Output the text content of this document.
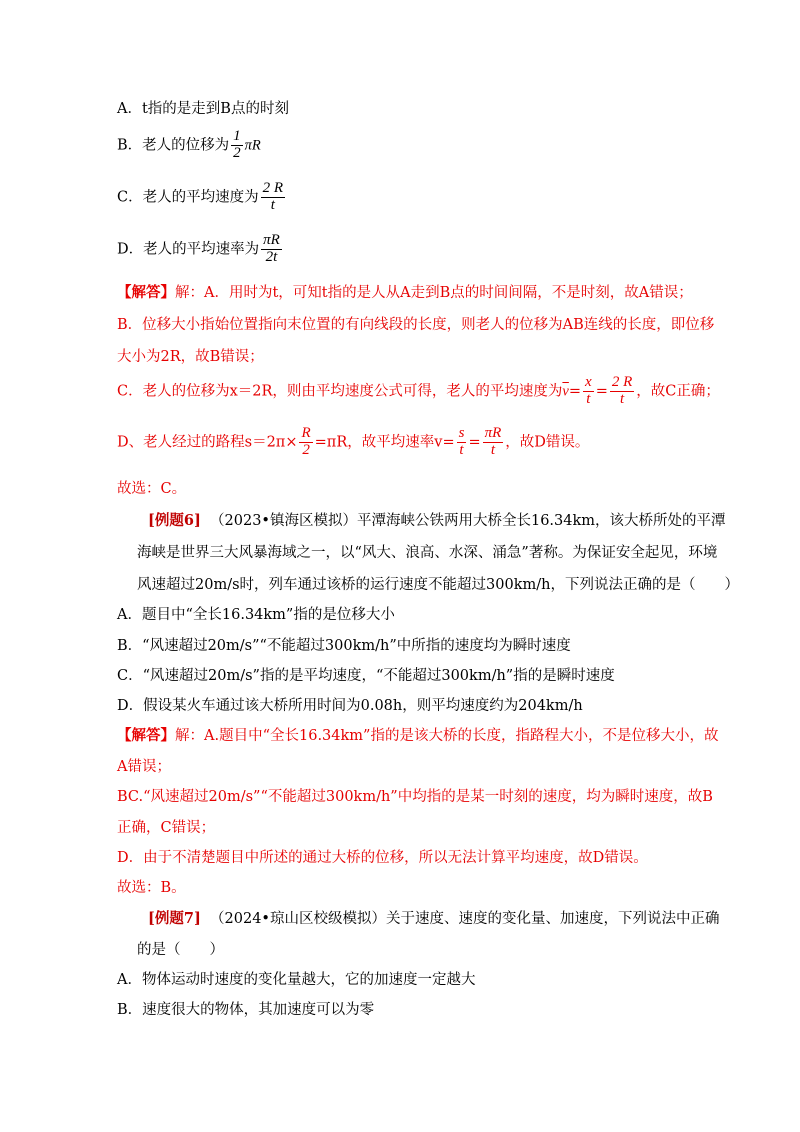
A．t指的是走到B点的时刻
B．老人的位移为 $\frac{1}{2}$ πR
C．老人的平均速度为 $\frac{2 R}{t}$
D．老人的平均速率为 $\frac{\pi R}{2t}$
【解答】解：A．用时为t，可知t指的是人从A走到B点的时间间隔，不是时刻，故A错误；
B．位移大小指始位置指向末位置的有向线段的长度，则老人的位移为AB连线的长度，即位移
大小为2R，故B错误；
C．老人的位移为x＝2R，则由平均速度公式可得，老人的平均速度为$\overline{v}= \frac{x}{t} = \frac{2 R}{t}$ ，故C正确；
D、老人经过的路程$s=2\pi\times \frac{R}{2} =\pi R$，故平均速率$v= \frac{s}{t} = \frac{\pi R}{t}$ ，故D错误。
故选：C。
[例题6] （2023•镇海区模拟）平潭海峡公铁两用大桥全长16.34km，该大桥所处的平潭
海峡是世界三大风暴海域之一，以“风大、浪高、水深、涌急”著称。为保证安全起见，环境
风速超过20m/s时，列车通过该桥的运行速度不能超过300km/h，下列说法正确的是（　　）
A．题目中“全长16.34km”指的是位移大小
B．“风速超过20m/s”“不能超过300km/h”中所指的速度均为瞬时速度
C．“风速超过20m/s”指的是平均速度，“不能超过300km/h”指的是瞬时速度
D．假设某火车通过该大桥所用时间为0.08h，则平均速度约为204km/h
【解答】解：A.题目中“全长16.34km”指的是该大桥的长度，指路程大小，不是位移大小，故
A错误；
BC.“风速超过20m/s”“不能超过300km/h”中均指的是某一时刻的速度，均为瞬时速度，故B
正确，C错误；
D．由于不清楚题目中所述的通过大桥的位移，所以无法计算平均速度，故D错误。
故选：B。
[例题7] （2024•琼山区校级模拟）关于速度、速度的变化量、加速度，下列说法中正确
的是（　　）
A．物体运动时速度的变化量越大，它的加速度一定越大
B．速度很大的物体，其加速度可以为零
